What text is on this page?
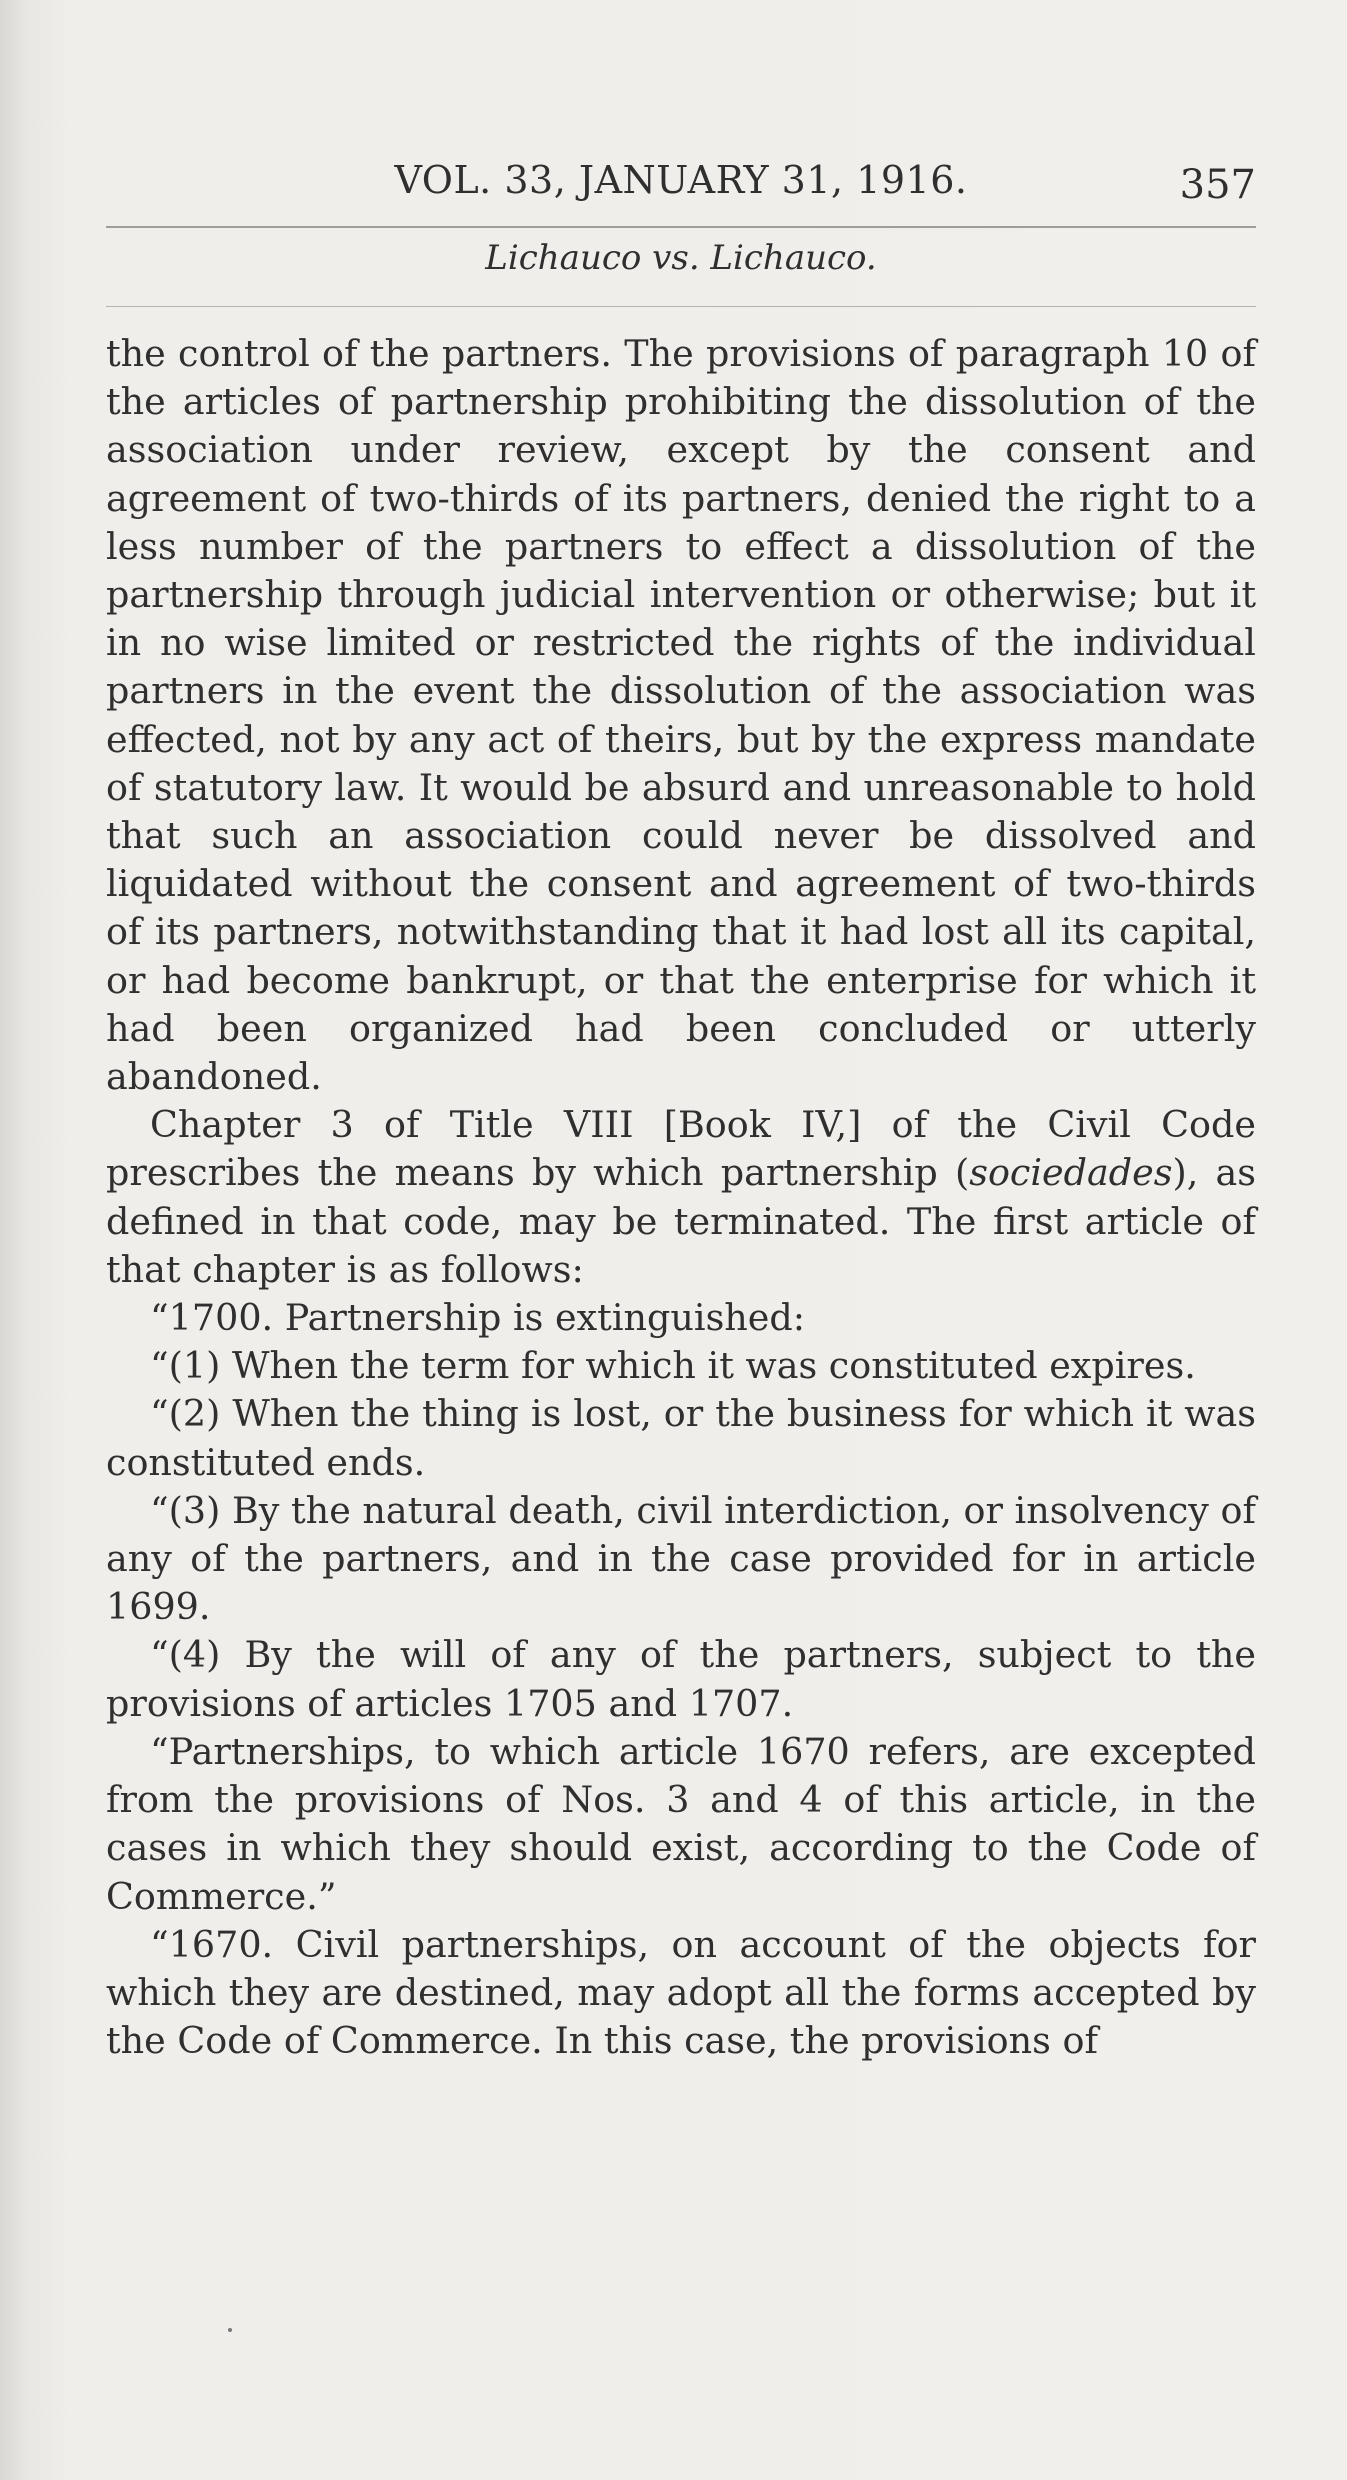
VOL. 33, JANUARY 31, 1916.	357
Lichauco vs. Lichauco.

the control of the partners. The provisions of paragraph 10 of the articles of partnership prohibiting the dissolution of the association under review, except by the consent and agreement of two-thirds of its partners, denied the right to a less number of the partners to effect a dissolution of the partnership through judicial intervention or otherwise; but it in no wise limited or restricted the rights of the individual partners in the event the dissolution of the association was effected, not by any act of theirs, but by the express mandate of statutory law. It would be absurd and unreasonable to hold that such an association could never be dissolved and liquidated without the consent and agreement of two-thirds of its partners, notwithstanding that it had lost all its capital, or had become bankrupt, or that the enterprise for which it had been organized had been concluded or utterly abandoned.

Chapter 3 of Title VIII [Book IV,] of the Civil Code prescribes the means by which partnership (sociedades), as defined in that code, may be terminated. The first article of that chapter is as follows:

“1700. Partnership is extinguished:

“(1) When the term for which it was constituted expires.

“(2) When the thing is lost, or the business for which it was constituted ends.

“(3) By the natural death, civil interdiction, or insolvency of any of the partners, and in the case provided for in article 1699.

“(4) By the will of any of the partners, subject to the provisions of articles 1705 and 1707.

“Partnerships, to which article 1670 refers, are excepted from the provisions of Nos. 3 and 4 of this article, in the cases in which they should exist, according to the Code of Commerce.”

“1670. Civil partnerships, on account of the objects for which they are destined, may adopt all the forms accepted by the Code of Commerce. In this case, the provisions of
